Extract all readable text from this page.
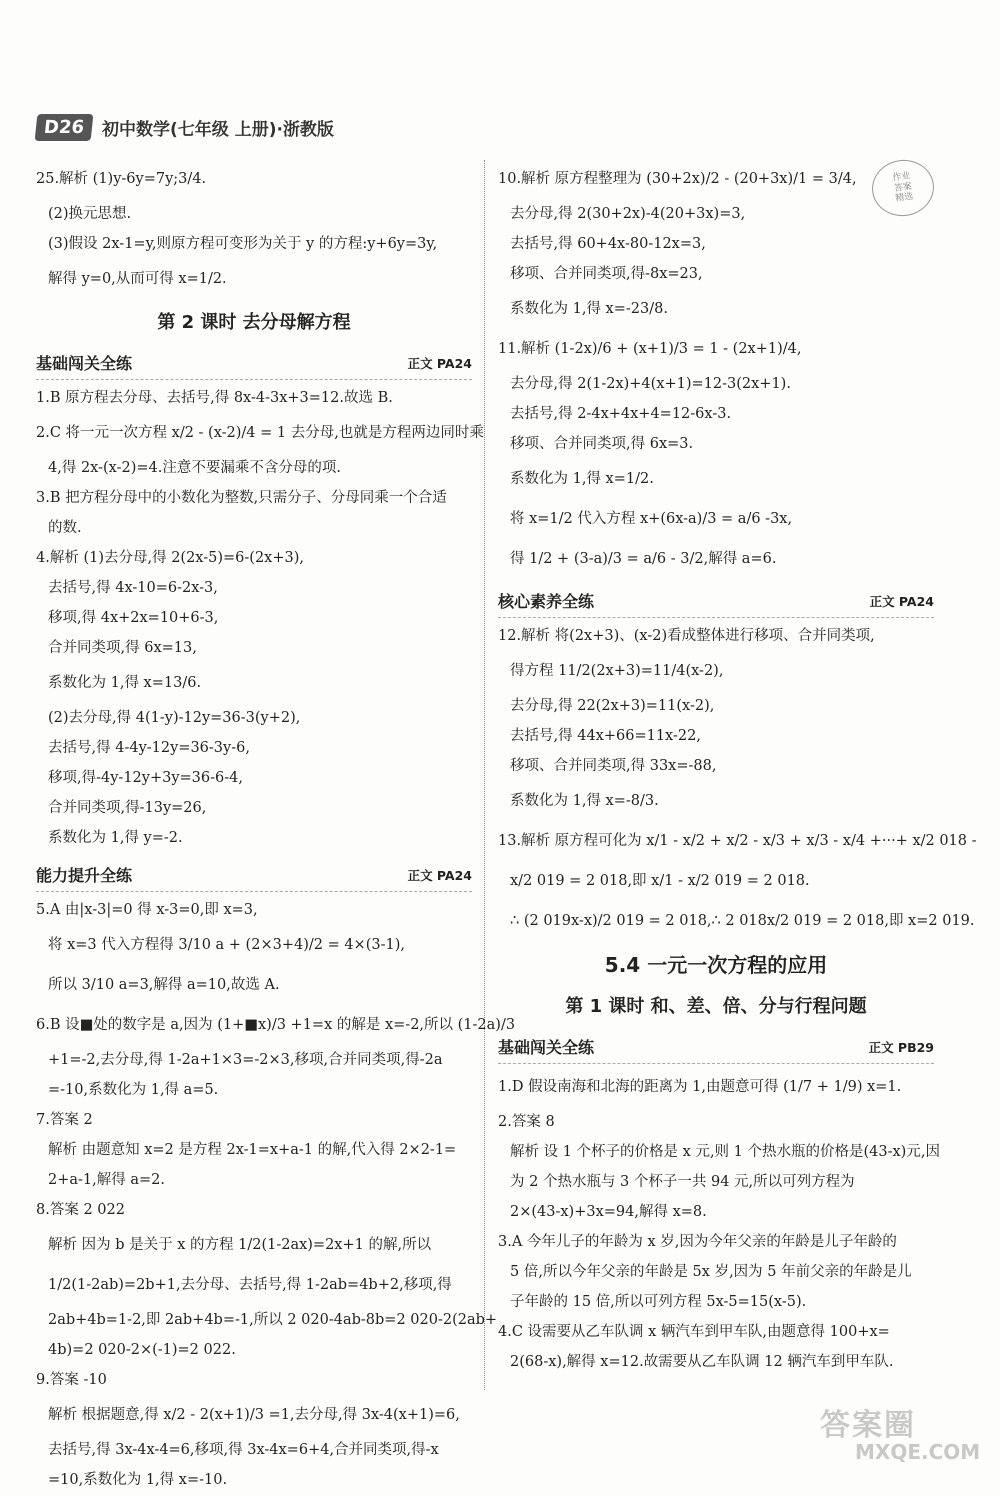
D26 初中数学(七年级 上册)·浙教版
作业
答案
精选
25.解析 (1)y-6y=7y;3/4.
(2)换元思想.
(3)假设 2x-1=y,则原方程可变形为关于 y 的方程:y+6y=3y,
解得 y=0,从而可得 x=1/2.
第 2 课时 去分母解方程
基础闯关全练	正文 PA24
1.B 原方程去分母、去括号,得 8x-4-3x+3=12.故选 B.
2.C 将一元一次方程 x/2 - (x-2)/4 = 1 去分母,也就是方程两边同时乘
4,得 2x-(x-2)=4.注意不要漏乘不含分母的项.
3.B 把方程分母中的小数化为整数,只需分子、分母同乘一个合适
的数.
4.解析 (1)去分母,得 2(2x-5)=6-(2x+3),
去括号,得 4x-10=6-2x-3,
移项,得 4x+2x=10+6-3,
合并同类项,得 6x=13,
系数化为 1,得 x=13/6.
(2)去分母,得 4(1-y)-12y=36-3(y+2),
去括号,得 4-4y-12y=36-3y-6,
移项,得-4y-12y+3y=36-6-4,
合并同类项,得-13y=26,
系数化为 1,得 y=-2.
能力提升全练	正文 PA24
5.A 由|x-3|=0 得 x-3=0,即 x=3,
将 x=3 代入方程得 3/10 a + (2×3+4)/2 = 4×(3-1),
所以 3/10 a=3,解得 a=10,故选 A.
6.B 设■处的数字是 a,因为 (1+■x)/3 +1=x 的解是 x=-2,所以 (1-2a)/3
+1=-2,去分母,得 1-2a+1×3=-2×3,移项,合并同类项,得-2a
=-10,系数化为 1,得 a=5.
7.答案 2
解析 由题意知 x=2 是方程 2x-1=x+a-1 的解,代入得 2×2-1=
2+a-1,解得 a=2.
8.答案 2 022
解析 因为 b 是关于 x 的方程 1/2(1-2ax)=2x+1 的解,所以
1/2(1-2ab)=2b+1,去分母、去括号,得 1-2ab=4b+2,移项,得
2ab+4b=1-2,即 2ab+4b=-1,所以 2 020-4ab-8b=2 020-2(2ab+
4b)=2 020-2×(-1)=2 022.
9.答案 -10
解析 根据题意,得 x/2 - 2(x+1)/3 =1,去分母,得 3x-4(x+1)=6,
去括号,得 3x-4x-4=6,移项,得 3x-4x=6+4,合并同类项,得-x
=10,系数化为 1,得 x=-10.
10.解析 原方程整理为 (30+2x)/2 - (20+3x)/1 = 3/4,
去分母,得 2(30+2x)-4(20+3x)=3,
去括号,得 60+4x-80-12x=3,
移项、合并同类项,得-8x=23,
系数化为 1,得 x=-23/8.
11.解析 (1-2x)/6 + (x+1)/3 = 1 - (2x+1)/4,
去分母,得 2(1-2x)+4(x+1)=12-3(2x+1).
去括号,得 2-4x+4x+4=12-6x-3.
移项、合并同类项,得 6x=3.
系数化为 1,得 x=1/2.
将 x=1/2 代入方程 x+(6x-a)/3 = a/6 -3x,
得 1/2 + (3-a)/3 = a/6 - 3/2,解得 a=6.
核心素养全练	正文 PA24
12.解析 将(2x+3)、(x-2)看成整体进行移项、合并同类项,
得方程 11/2(2x+3)=11/4(x-2),
去分母,得 22(2x+3)=11(x-2),
去括号,得 44x+66=11x-22,
移项、合并同类项,得 33x=-88,
系数化为 1,得 x=-8/3.
13.解析 原方程可化为 x/1 - x/2 + x/2 - x/3 + x/3 - x/4 +···+ x/2 018 -
x/2 019 = 2 018,即 x/1 - x/2 019 = 2 018.
∴ (2 019x-x)/2 019 = 2 018,∴ 2 018x/2 019 = 2 018,即 x=2 019.
5.4 一元一次方程的应用
第 1 课时 和、差、倍、分与行程问题
基础闯关全练	正文 PB29
1.D 假设南海和北海的距离为 1,由题意可得 (1/7 + 1/9) x=1.
2.答案 8
解析 设 1 个杯子的价格是 x 元,则 1 个热水瓶的价格是(43-x)元,因
为 2 个热水瓶与 3 个杯子一共 94 元,所以可列方程为
2×(43-x)+3x=94,解得 x=8.
3.A 今年儿子的年龄为 x 岁,因为今年父亲的年龄是儿子年龄的
5 倍,所以今年父亲的年龄是 5x 岁,因为 5 年前父亲的年龄是儿
子年龄的 15 倍,所以可列方程 5x-5=15(x-5).
4.C 设需要从乙车队调 x 辆汽车到甲车队,由题意得 100+x=
2(68-x),解得 x=12.故需要从乙车队调 12 辆汽车到甲车队.
答案圈
MXQE.COM
